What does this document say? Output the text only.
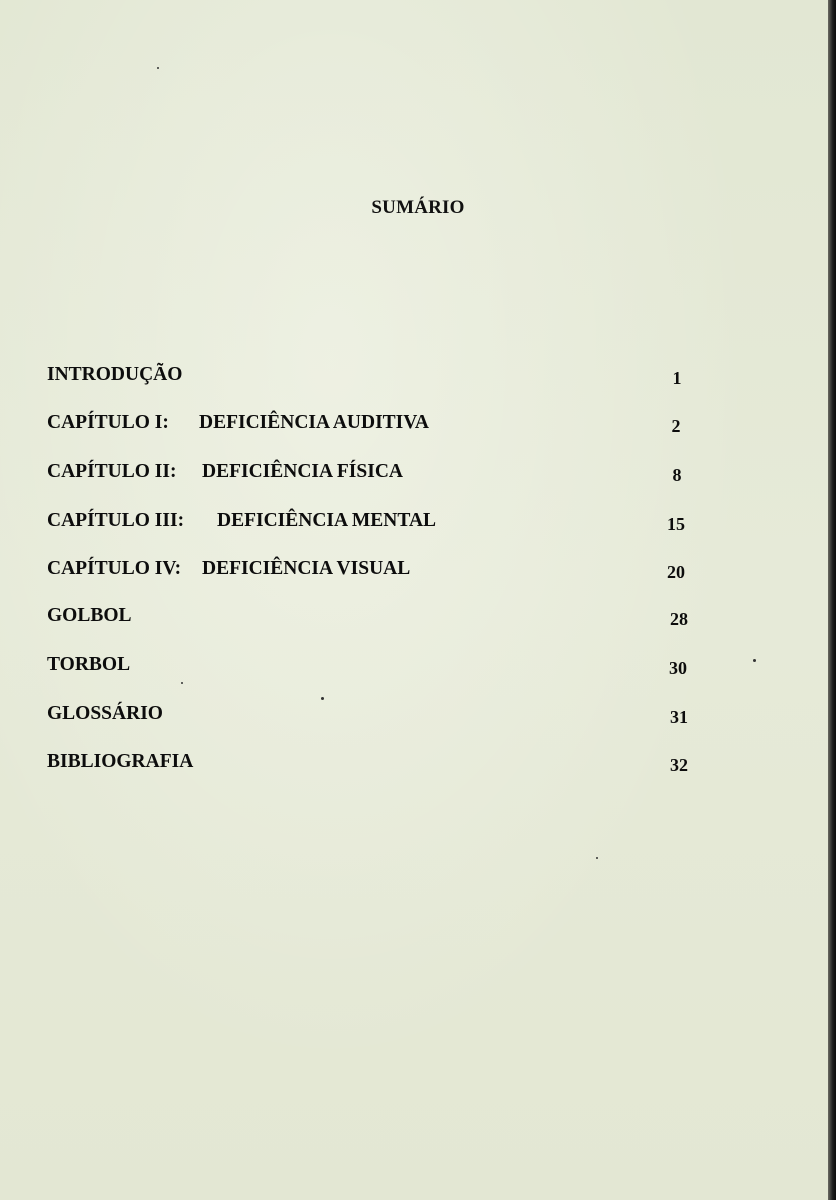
SUMÁRIO
INTRODUÇÃO	1
CAPÍTULO I: DEFICIÊNCIA AUDITIVA	2
CAPÍTULO II: DEFICIÊNCIA FÍSICA	8
CAPÍTULO III: DEFICIÊNCIA MENTAL	15
CAPÍTULO IV: DEFICIÊNCIA VISUAL	20
GOLBOL	28
TORBOL	30
GLOSSÁRIO	31
BIBLIOGRAFIA	32
